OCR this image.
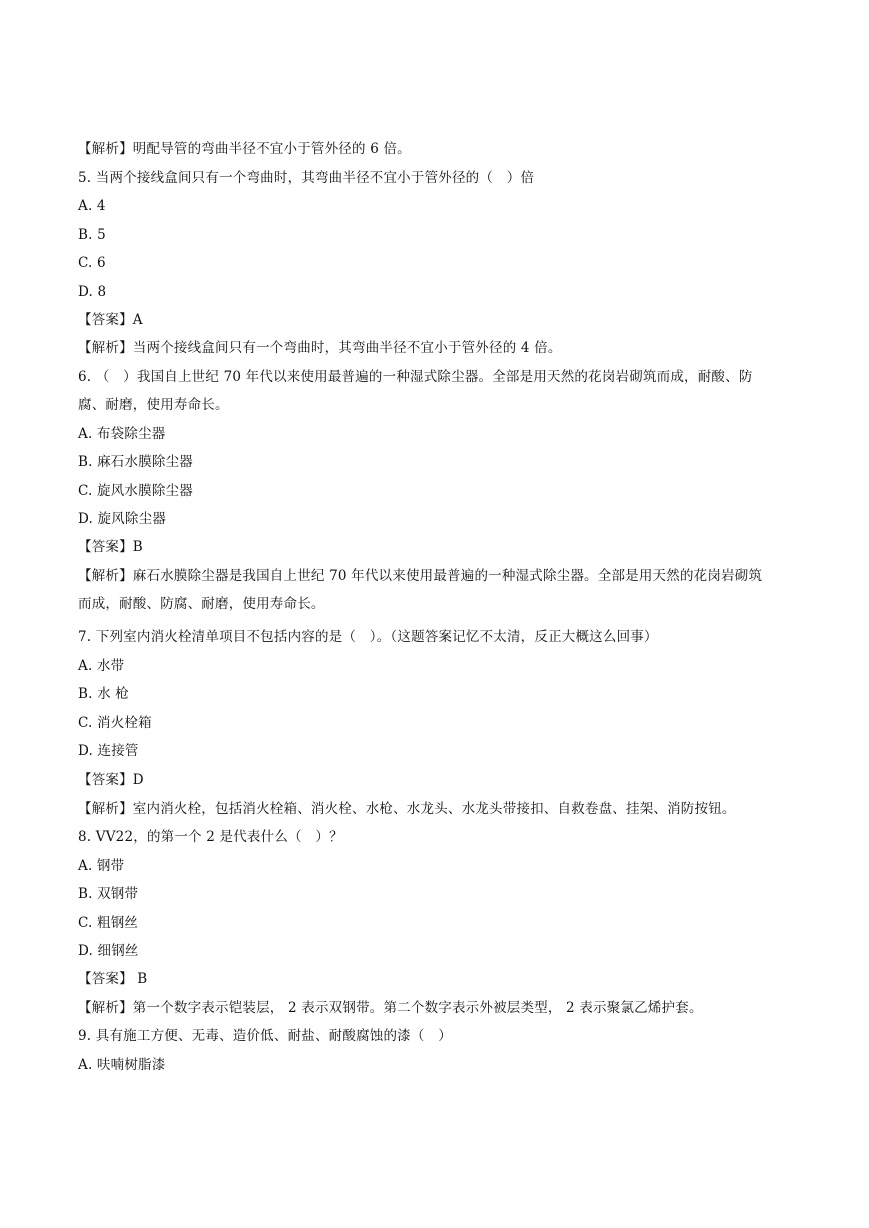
【解析】明配导管的弯曲半径不宜小于管外径的 6 倍。
5. 当两个接线盒间只有一个弯曲时，其弯曲半径不宜小于管外径的（　）倍
A. 4
B. 5
C. 6
D. 8
【答案】A
【解析】当两个接线盒间只有一个弯曲时，其弯曲半径不宜小于管外径的 4 倍。
6. （　）我国自上世纪 70 年代以来使用最普遍的一种湿式除尘器。全部是用天然的花岗岩砌筑而成，耐酸、防
腐、耐磨，使用寿命长。
A. 布袋除尘器
B. 麻石水膜除尘器
C. 旋风水膜除尘器
D. 旋风除尘器
【答案】B
【解析】麻石水膜除尘器是我国自上世纪 70 年代以来使用最普遍的一种湿式除尘器。全部是用天然的花岗岩砌筑
而成，耐酸、防腐、耐磨，使用寿命长。
7. 下列室内消火栓清单项目不包括内容的是（　）。（这题答案记忆不太清，反正大概这么回事）
A. 水带
B. 水 枪
C. 消火栓箱
D. 连接管
【答案】D
【解析】室内消火栓，包括消火栓箱、消火栓、水枪、水龙头、水龙头带接扣、自救卷盘、挂架、消防按钮。
8. VV22，的第一个 2 是代表什么（　）？
A. 钢带
B. 双钢带
C. 粗钢丝
D. 细钢丝
【答案】 B
【解析】第一个数字表示铠装层， 2 表示双钢带。第二个数字表示外被层类型， 2 表示聚氯乙烯护套。
9. 具有施工方便、无毒、造价低、耐盐、耐酸腐蚀的漆（　）
A. 呋喃树脂漆
